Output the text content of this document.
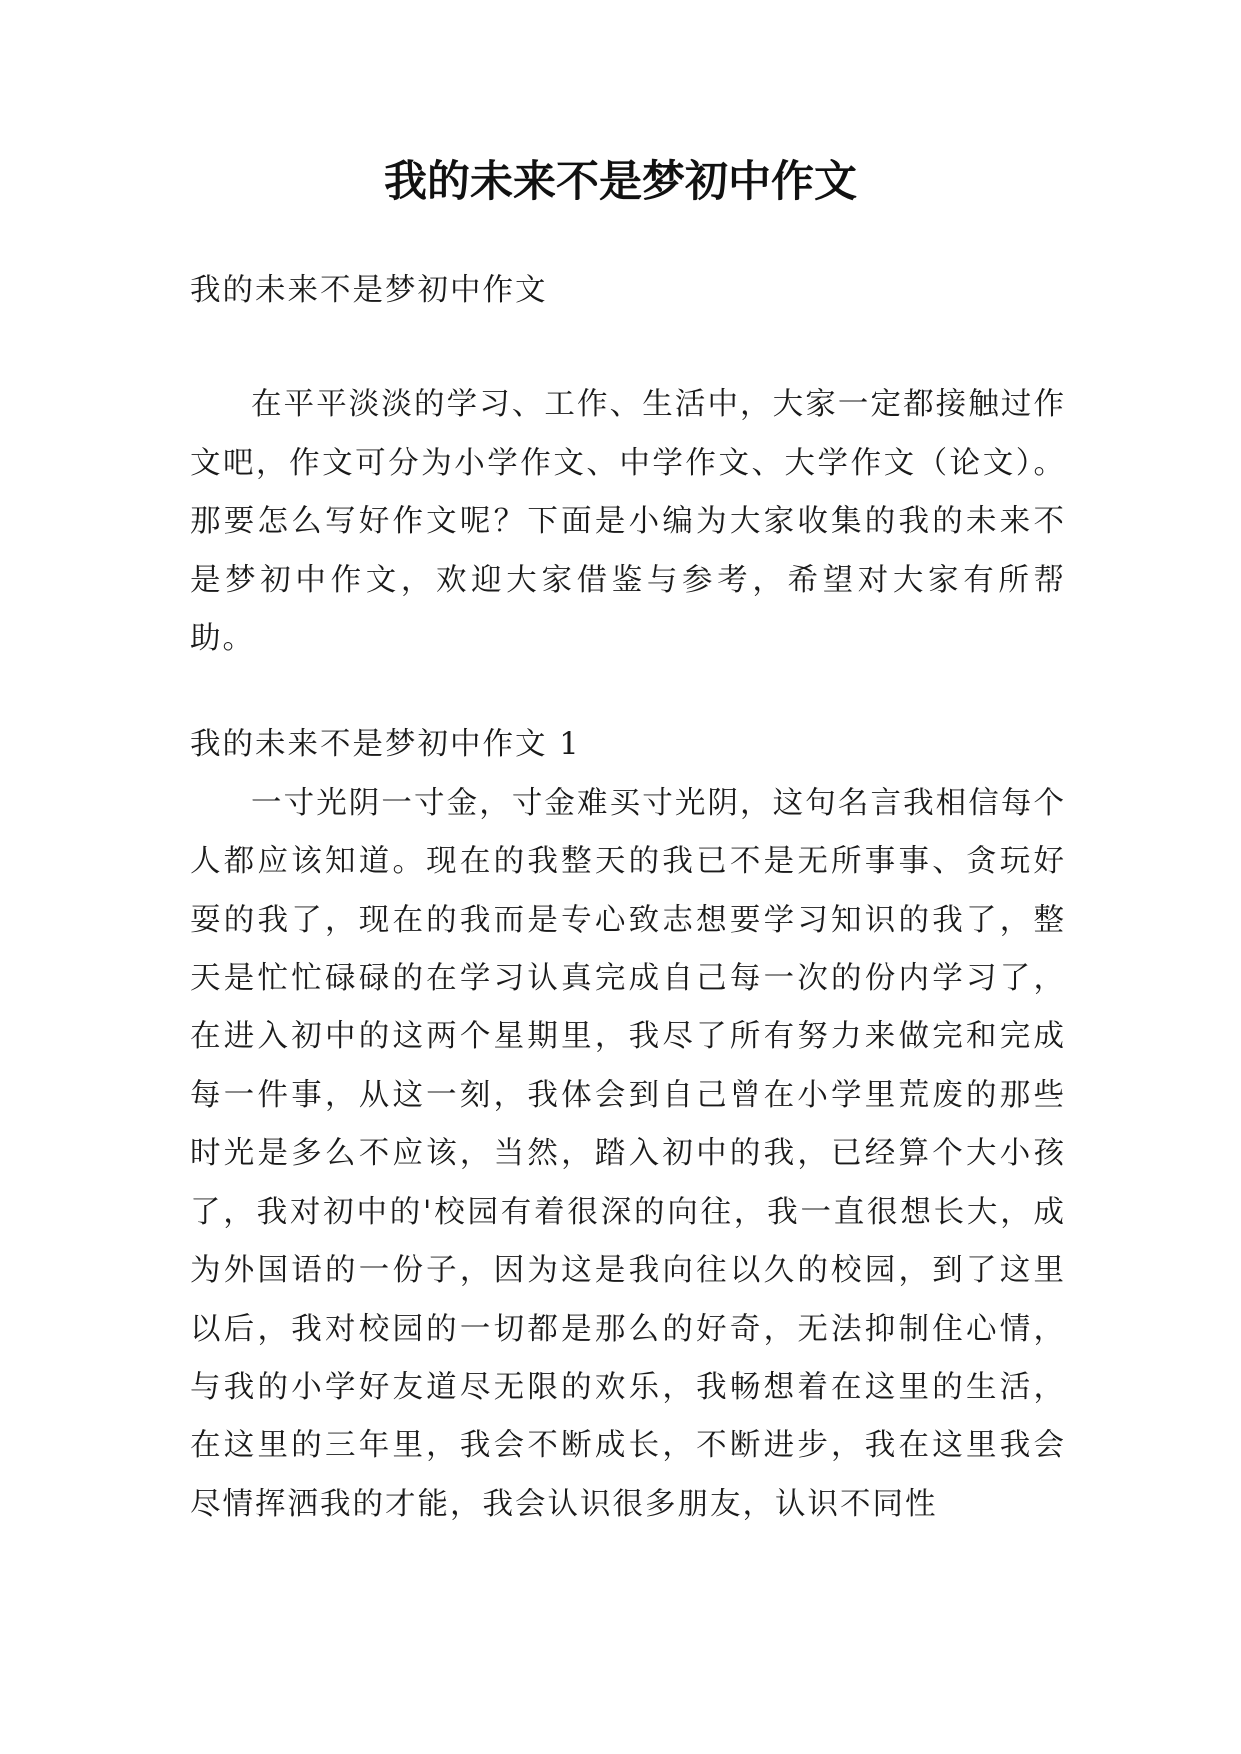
我的未来不是梦初中作文

我的未来不是梦初中作文

在平平淡淡的学习、工作、生活中，大家一定都接触过作文吧，作文可分为小学作文、中学作文、大学作文（论文）。那要怎么写好作文呢？下面是小编为大家收集的我的未来不是梦初中作文，欢迎大家借鉴与参考，希望对大家有所帮助。

我的未来不是梦初中作文 1

一寸光阴一寸金，寸金难买寸光阴，这句名言我相信每个人都应该知道。现在的我整天的我已不是无所事事、贪玩好耍的我了，现在的我而是专心致志想要学习知识的我了，整天是忙忙碌碌的在学习认真完成自己每一次的份内学习了，在进入初中的这两个星期里，我尽了所有努力来做完和完成每一件事，从这一刻，我体会到自己曾在小学里荒废的那些时光是多么不应该，当然，踏入初中的我，已经算个大小孩了，我对初中的'校园有着很深的向往，我一直很想长大，成为外国语的一份子，因为这是我向往以久的校园，到了这里以后，我对校园的一切都是那么的好奇，无法抑制住心情，与我的小学好友道尽无限的欢乐，我畅想着在这里的生活，在这里的三年里，我会不断成长，不断进步，我在这里我会尽情挥洒我的才能，我会认识很多朋友，认识不同性
